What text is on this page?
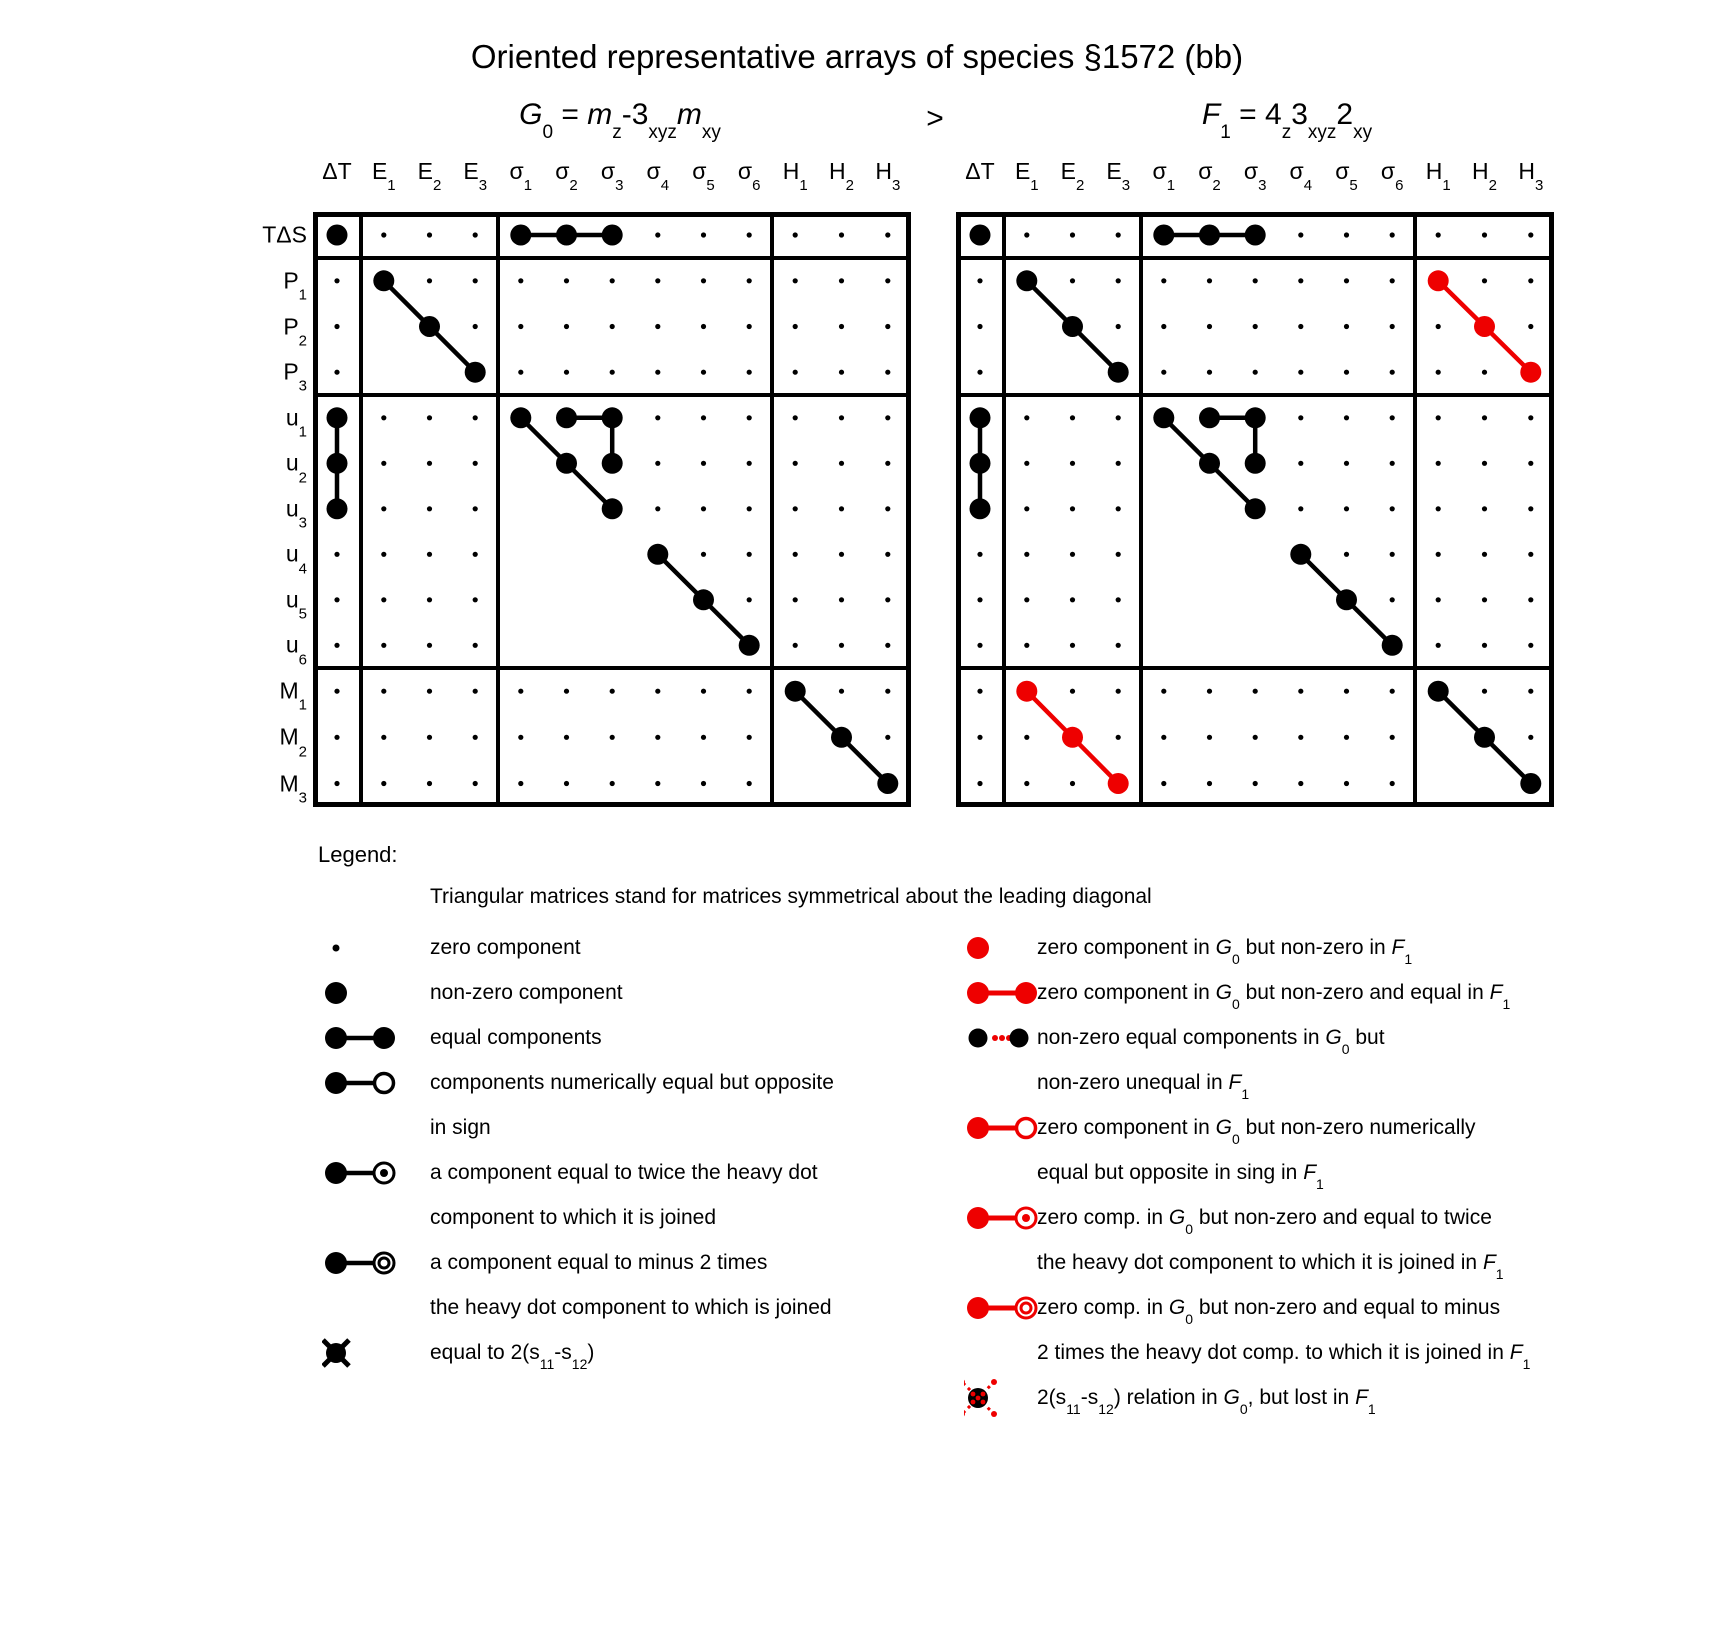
Oriented representative arrays of species §1572 (bb)
$G_0 = m_z-3_{xyz}m_{xy}$	>	$F_1 = 4_z3_{xyz}2_{xy}$
ΔT $E_1$
$E_2$
$E_3$
$\sigma_1$
$\sigma_2$
$\sigma_3$
$\sigma_4$
$\sigma_5$
$\sigma_6$
$H_1$
$H_2$
$H_3$
ΔT $E_1$
$E_2$
$E_3$
$\sigma_1$
$\sigma_2$
$\sigma_3$
$\sigma_4$
$\sigma_5$
$\sigma_6$
$H_1$
$H_2$
$H_3$
TΔS
$P_1$
$P_2$
$P_3$
$u_1$
$u_2$
$u_3$
$u_4$
$u_5$
$u_6$
$M_1$
$M_2$
$M_3$
Legend:
Triangular matrices stand for matrices symmetrical about the leading diagonal
zero component
non-zero component
equal components
components numerically equal but opposite
in sign
a component equal to twice the heavy dot
component to which it is joined
a component equal to minus 2 times
the heavy dot component to which is joined
equal to $2(s_{11}-s_{12})$
zero component in $G_0$ but non-zero in $F_1$
zero component in $G_0$ but non-zero and equal in $F_1$
non-zero equal components in $G_0$ but
non-zero unequal in $F_1$
zero component in $G_0$ but non-zero numerically
equal but opposite in sing in $F_1$
zero comp. in $G_0$ but non-zero and equal to twice
the heavy dot component to which it is joined in $F_1$
zero comp. in $G_0$ but non-zero and equal to minus
2 times the heavy dot comp. to which it is joined in $F_1$
$2(s_{11}-s_{12})$ relation in $G_0$, but lost in $F_1$
